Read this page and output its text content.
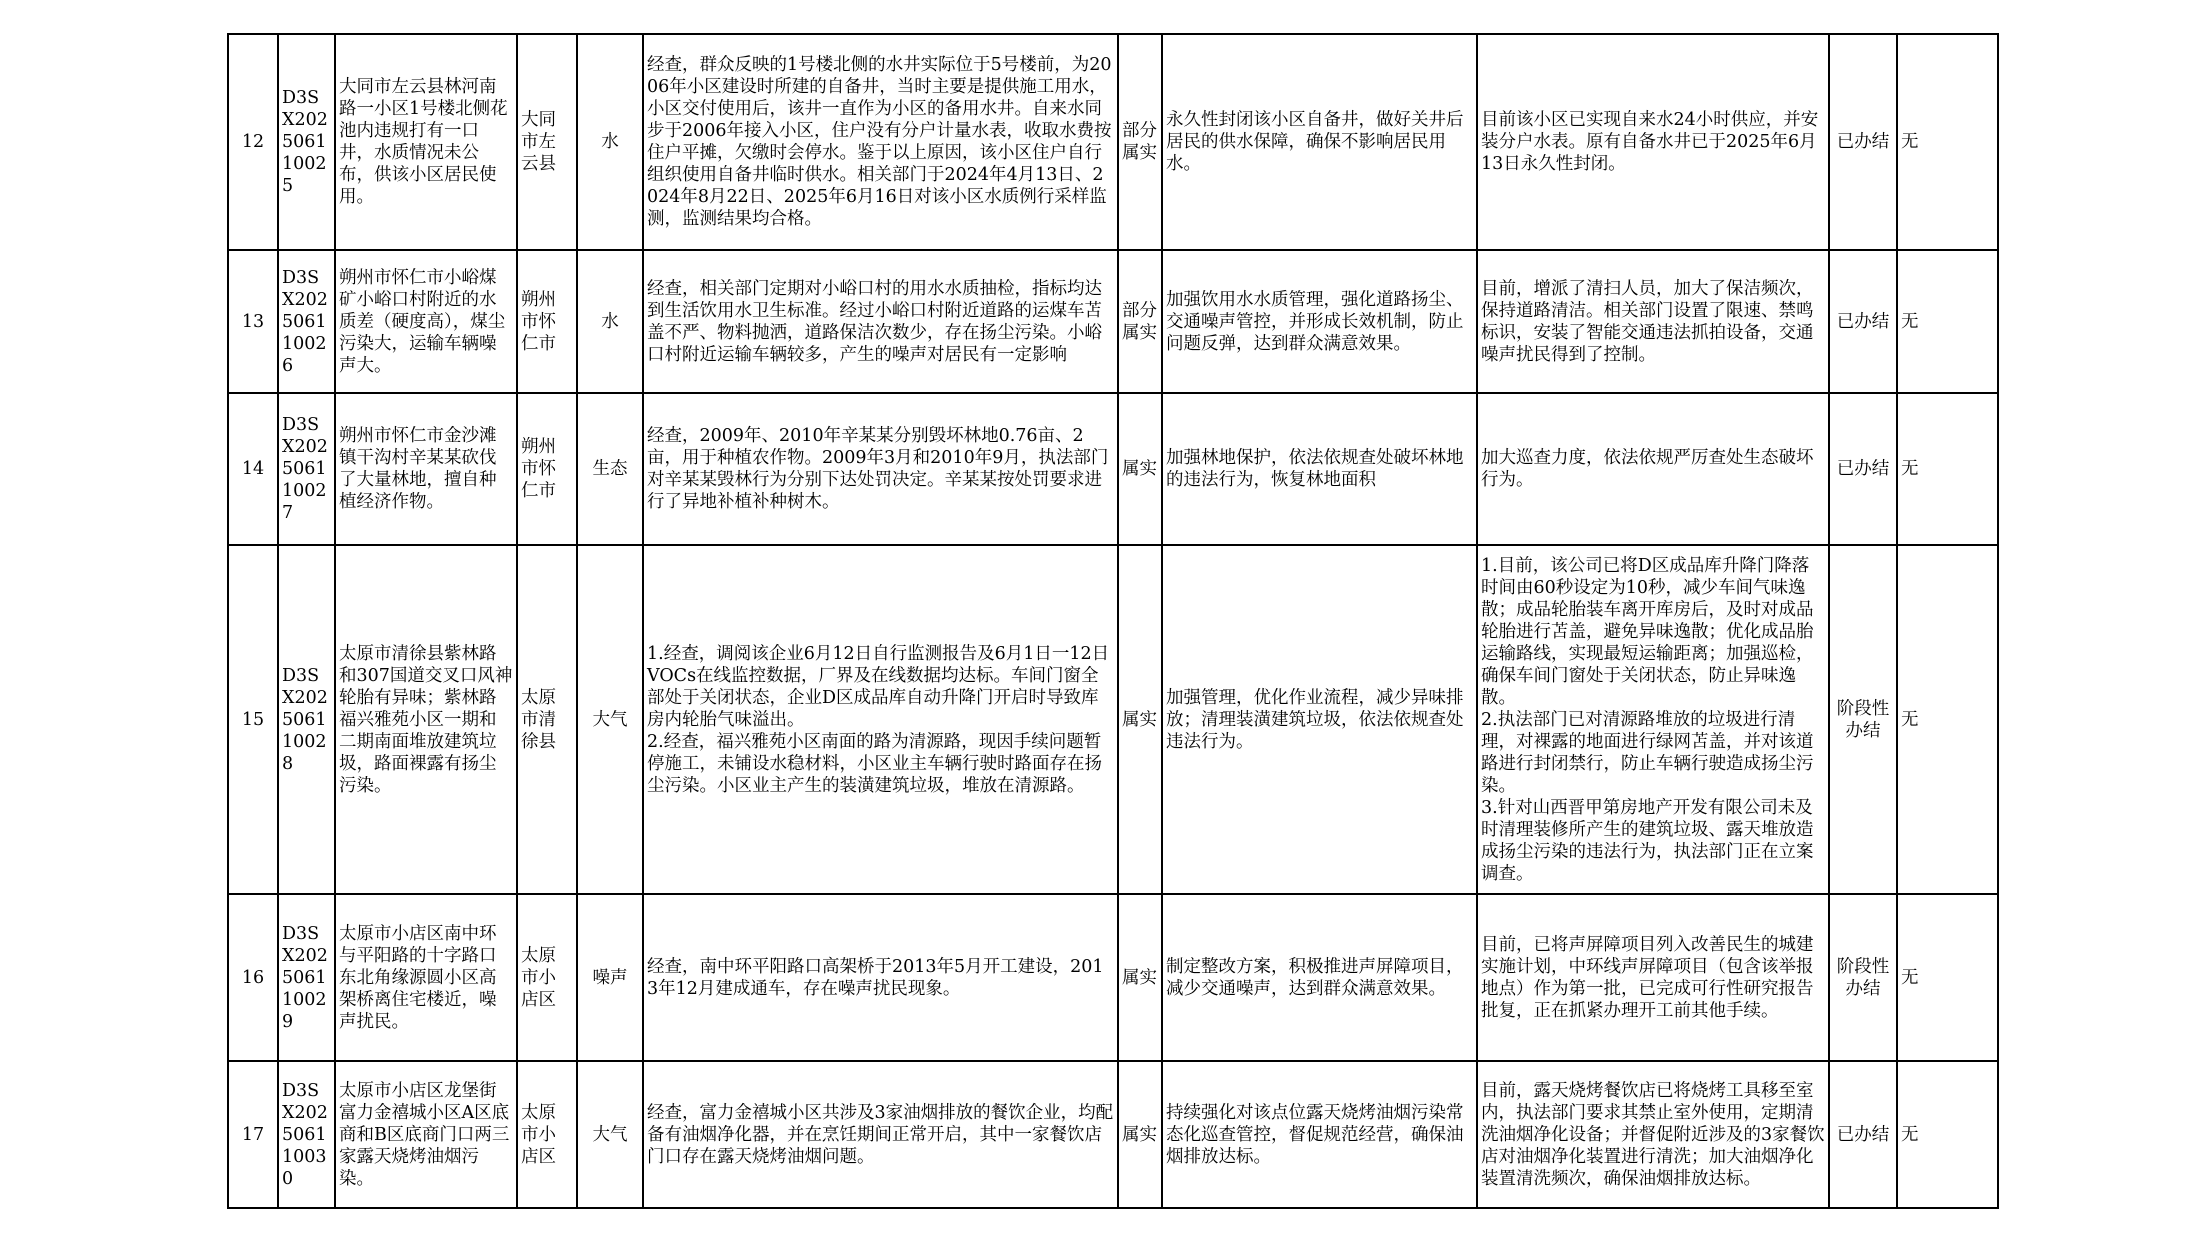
12	D3SX202506110025	大同市左云县林河南路一小区1号楼北侧花池内违规打有一口井，水质情况未公布，供该小区居民使用。	大同市左云县	水	经查，群众反映的1号楼北侧的水井实际位于5号楼前，为2006年小区建设时所建的自备井，当时主要是提供施工用水，小区交付使用后，该井一直作为小区的备用水井。自来水同步于2006年接入小区，住户没有分户计量水表，收取水费按住户平摊，欠缴时会停水。鉴于以上原因，该小区住户自行组织使用自备井临时供水。相关部门于2024年4月13日、2024年8月22日、2025年6月16日对该小区水质例行采样监测，监测结果均合格。	部分属实	永久性封闭该小区自备井，做好关井后居民的供水保障，确保不影响居民用水。	目前该小区已实现自来水24小时供应，并安装分户水表。原有自备水井已于2025年6月13日永久性封闭。	已办结	无
13	D3SX202506110026	朔州市怀仁市小峪煤矿小峪口村附近的水质差（硬度高），煤尘污染大，运输车辆噪声大。	朔州市怀仁市	水	经查，相关部门定期对小峪口村的用水水质抽检，指标均达到生活饮用水卫生标准。经过小峪口村附近道路的运煤车苫盖不严、物料抛洒，道路保洁次数少，存在扬尘污染。小峪口村附近运输车辆较多，产生的噪声对居民有一定影响	部分属实	加强饮用水水质管理，强化道路扬尘、交通噪声管控，并形成长效机制，防止问题反弹，达到群众满意效果。	目前，增派了清扫人员，加大了保洁频次，保持道路清洁。相关部门设置了限速、禁鸣标识，安装了智能交通违法抓拍设备，交通噪声扰民得到了控制。	已办结	无
14	D3SX202506110027	朔州市怀仁市金沙滩镇干沟村辛某某砍伐了大量林地，擅自种植经济作物。	朔州市怀仁市	生态	经查，2009年、2010年辛某某分别毁坏林地0.76亩、2亩，用于种植农作物。2009年3月和2010年9月，执法部门对辛某某毁林行为分别下达处罚决定。辛某某按处罚要求进行了异地补植补种树木。	属实	加强林地保护，依法依规查处破坏林地的违法行为，恢复林地面积	加大巡查力度，依法依规严厉查处生态破坏行为。	已办结	无
15	D3SX202506110028	太原市清徐县紫林路和307国道交叉口风神轮胎有异味；紫林路福兴雅苑小区一期和二期南面堆放建筑垃圾，路面裸露有扬尘污染。	太原市清徐县	大气	1.经查，调阅该企业6月12日自行监测报告及6月1日一12日VOCs在线监控数据，厂界及在线数据均达标。车间门窗全部处于关闭状态，企业D区成品库自动升降门开启时导致库房内轮胎气味溢出。
2.经查，福兴雅苑小区南面的路为清源路，现因手续问题暂停施工，未铺设水稳材料，小区业主车辆行驶时路面存在扬尘污染。小区业主产生的装潢建筑垃圾，堆放在清源路。	属实	加强管理，优化作业流程，减少异味排放；清理装潢建筑垃圾，依法依规查处违法行为。	1.目前，该公司已将D区成品库升降门降落时间由60秒设定为10秒，减少车间气味逸散；成品轮胎装车离开库房后，及时对成品轮胎进行苫盖，避免异味逸散；优化成品胎运输路线，实现最短运输距离；加强巡检，确保车间门窗处于关闭状态，防止异味逸散。
2.执法部门已对清源路堆放的垃圾进行清理，对裸露的地面进行绿网苫盖，并对该道路进行封闭禁行，防止车辆行驶造成扬尘污染。
3.针对山西晋甲第房地产开发有限公司未及时清理装修所产生的建筑垃圾、露天堆放造成扬尘污染的违法行为，执法部门正在立案调查。	阶段性办结	无
16	D3SX202506110029	太原市小店区南中环与平阳路的十字路口东北角缘源圆小区高架桥离住宅楼近，噪声扰民。	太原市小店区	噪声	经查，南中环平阳路口高架桥于2013年5月开工建设，2013年12月建成通车，存在噪声扰民现象。	属实	制定整改方案，积极推进声屏障项目，减少交通噪声，达到群众满意效果。	目前，已将声屏障项目列入改善民生的城建实施计划，中环线声屏障项目（包含该举报地点）作为第一批，已完成可行性研究报告批复，正在抓紧办理开工前其他手续。	阶段性办结	无
17	D3SX202506110030	太原市小店区龙堡街富力金禧城小区A区底商和B区底商门口两三家露天烧烤油烟污染。	太原市小店区	大气	经查，富力金禧城小区共涉及3家油烟排放的餐饮企业，均配备有油烟净化器，并在烹饪期间正常开启，其中一家餐饮店门口存在露天烧烤油烟问题。	属实	持续强化对该点位露天烧烤油烟污染常态化巡查管控，督促规范经营，确保油烟排放达标。	目前，露天烧烤餐饮店已将烧烤工具移至室内，执法部门要求其禁止室外使用，定期清洗油烟净化设备；并督促附近涉及的3家餐饮店对油烟净化装置进行清洗；加大油烟净化装置清洗频次，确保油烟排放达标。	已办结	无
